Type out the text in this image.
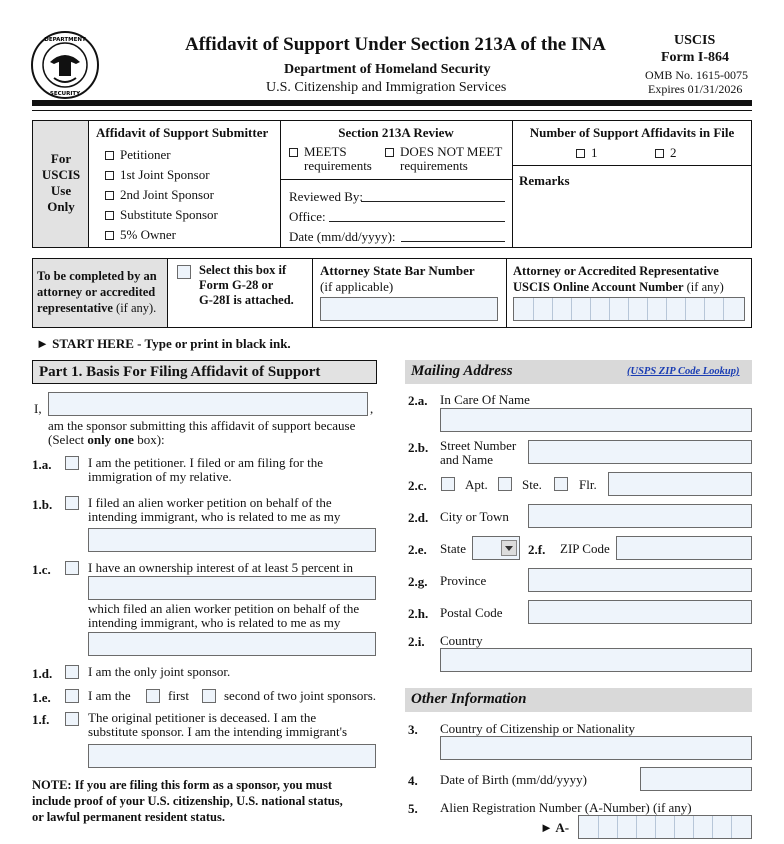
DEPARTMENT
SECURITY
Affidavit of Support Under Section 213A of the INA
Department of Homeland Security
U.S. Citizenship and Immigration Services
USCIS
Form I-864
OMB No. 1615-0075
Expires 01/31/2026
For
USCIS
Use
Only
Affidavit of Support Submitter
Petitioner
1st Joint Sponsor
2nd Joint Sponsor
Substitute Sponsor
5% Owner
Section 213A Review
MEETS
requirements
DOES NOT MEET
requirements
Reviewed By:
Office:
Date (mm/dd/yyyy):
Number of Support Affidavits in File
1	2
Remarks
To be completed by an
attorney or accredited
representative (if any).
Select this box if
Form G-28 or
G-28I is attached.
Attorney State Bar Number
(if applicable)
Attorney or Accredited Representative
USCIS Online Account Number (if any)
► START HERE - Type or print in black ink.
Part 1. Basis For Filing Affidavit of Support
I,	,
am the sponsor submitting this affidavit of support because
(Select only one box):
1.a.	I am the petitioner. I filed or am filing for the
immigration of my relative.
1.b.	I filed an alien worker petition on behalf of the
intending immigrant, who is related to me as my
1.c.	I have an ownership interest of at least 5 percent in
which filed an alien worker petition on behalf of the
intending immigrant, who is related to me as my
1.d.	I am the only joint sponsor.
1.e.	I am the	first	second of two joint sponsors.
1.f.	The original petitioner is deceased. I am the
substitute sponsor. I am the intending immigrant's
NOTE: If you are filing this form as a sponsor, you must
include proof of your U.S. citizenship, U.S. national status,
or lawful permanent resident status.
Mailing Address	(USPS ZIP Code Lookup)
2.a. In Care Of Name
2.b. Street Number
and Name
2.c.	Apt.	Ste.	Flr.
2.d. City or Town
2.e. State	2.f. ZIP Code
2.g. Province
2.h. Postal Code
2.i. Country
Other Information
3. Country of Citizenship or Nationality
4. Date of Birth (mm/dd/yyyy)
5. Alien Registration Number (A-Number) (if any)
► A-
